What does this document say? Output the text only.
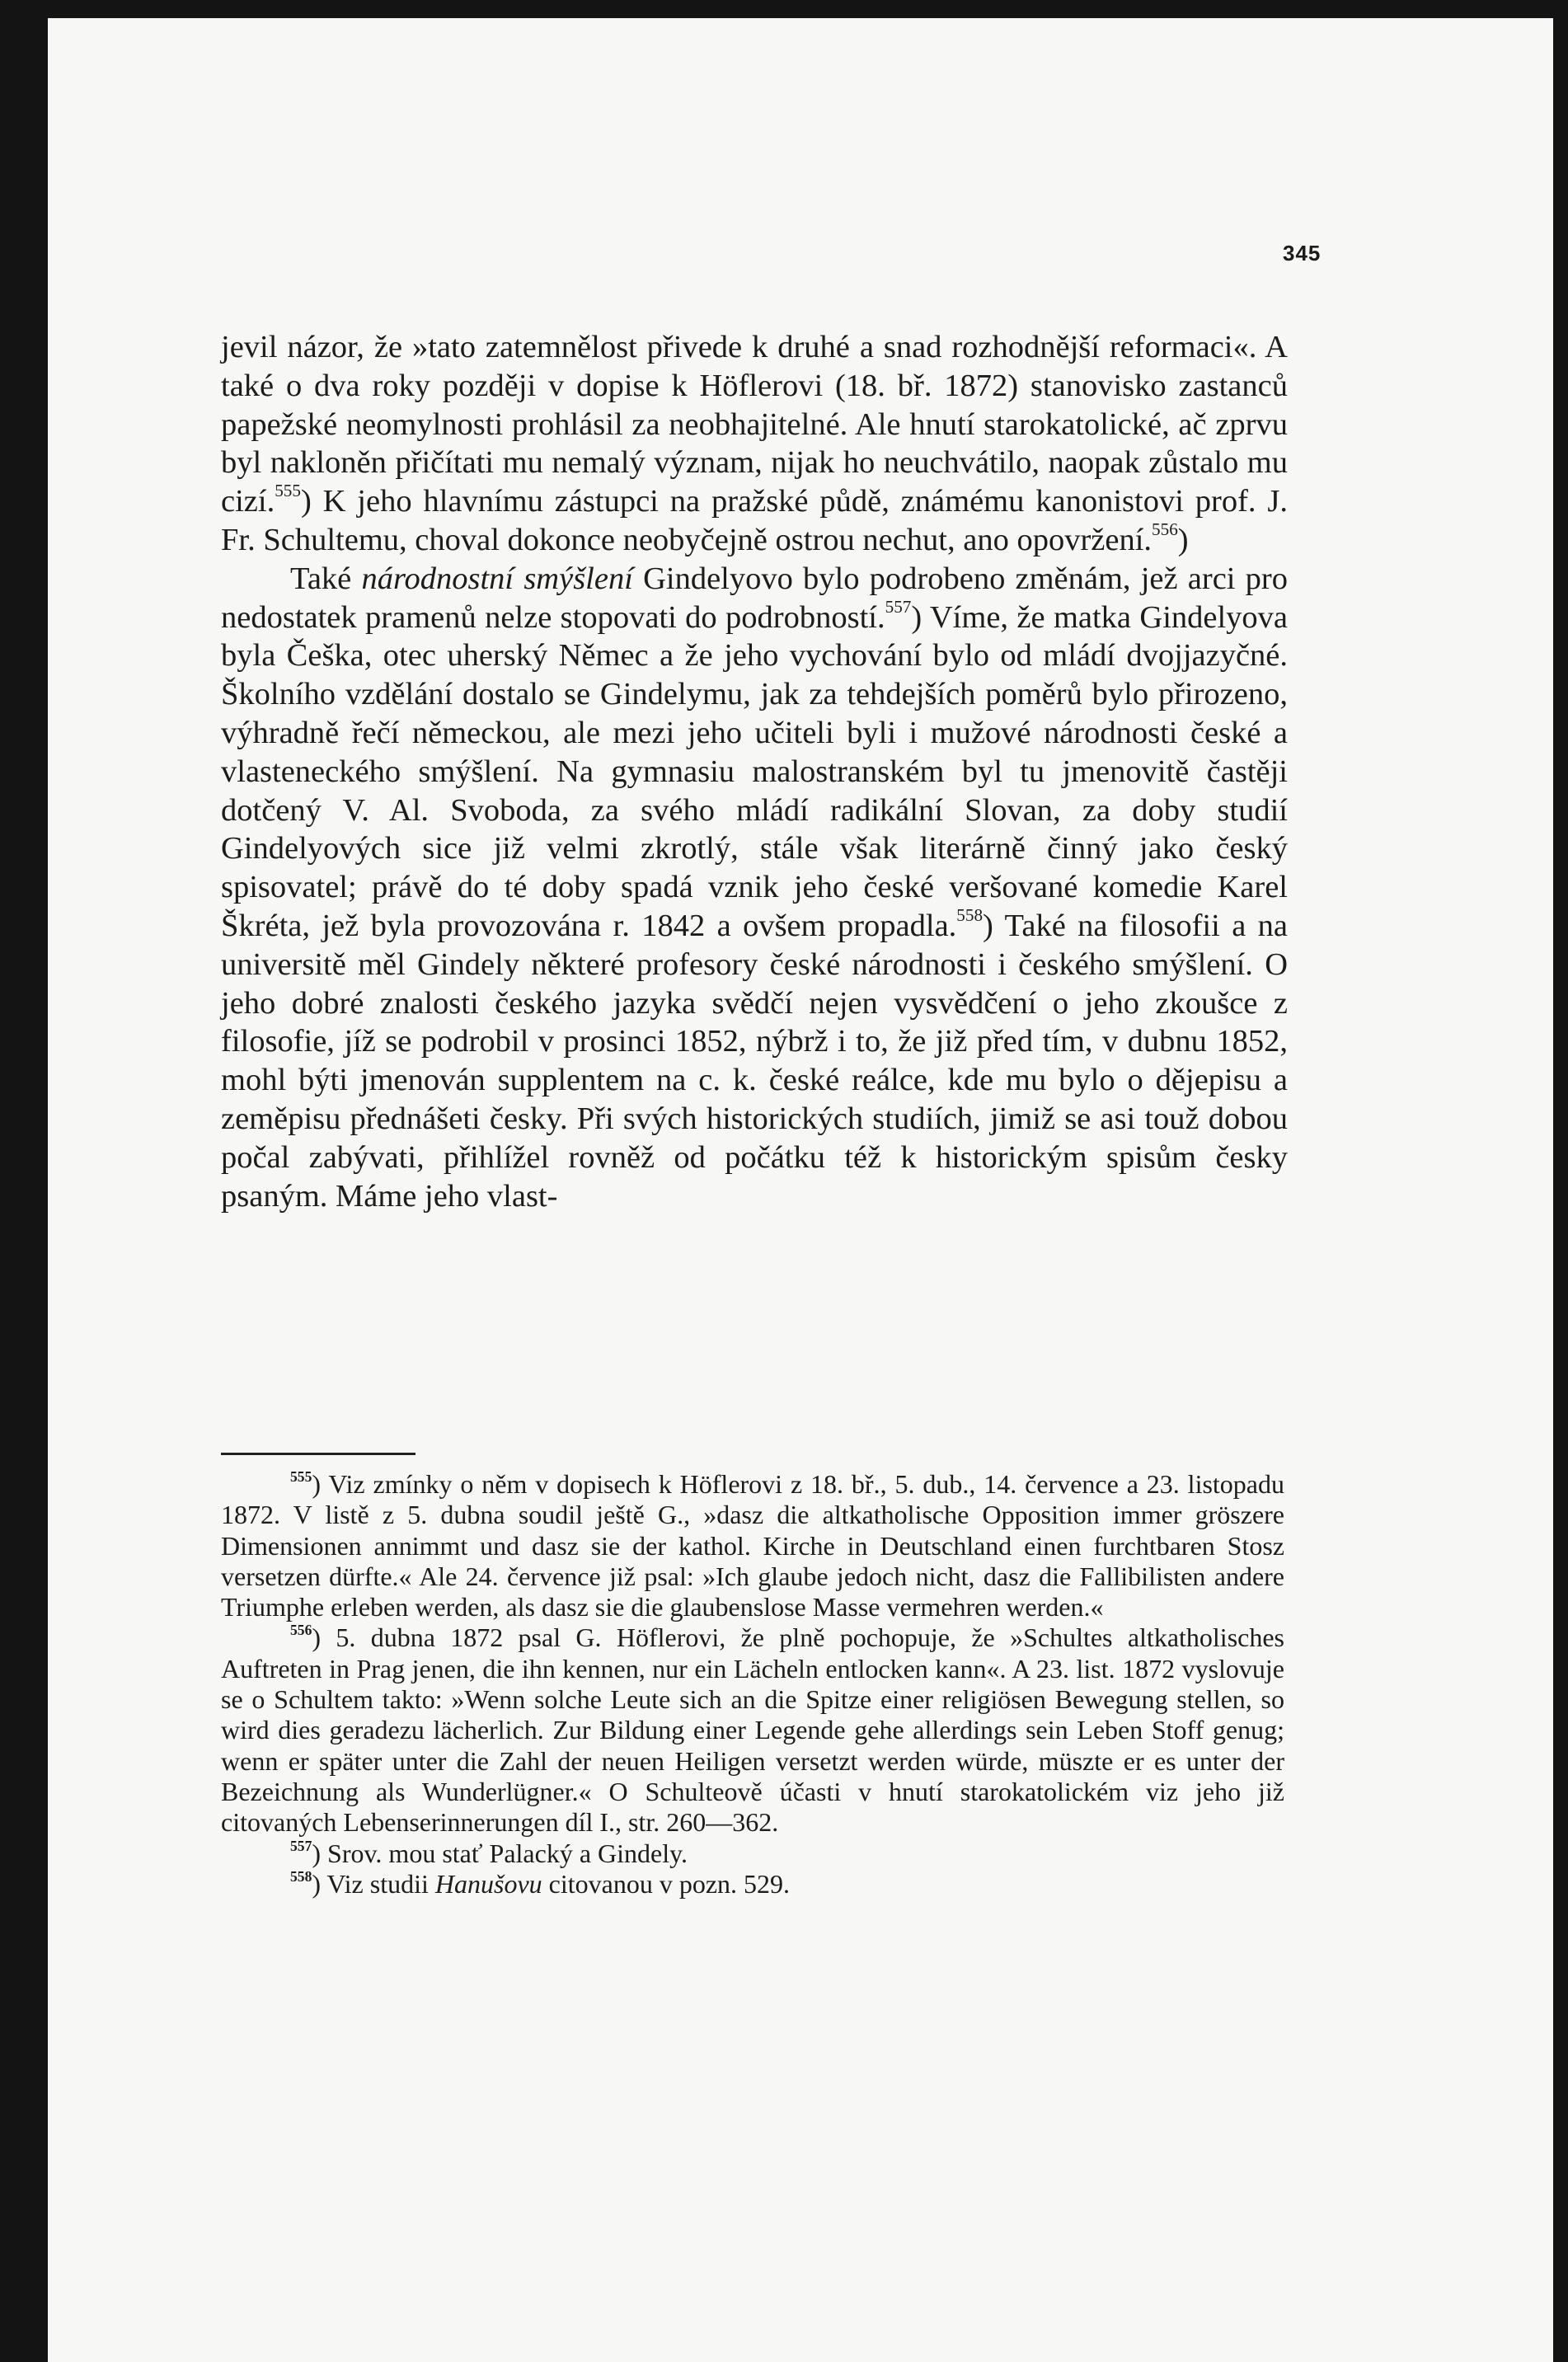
345

jevil názor, že »tato zatemnělost přivede k druhé a snad rozhodnější reformaci«. A také o dva roky později v dopise k Höflerovi (18. bř. 1872) stanovisko zastanců papežské neomylnosti prohlásil za neobhajitelné. Ale hnutí starokatolické, ač zprvu byl nakloněn přičítati mu nemalý význam, nijak ho neuchvátilo, naopak zůstalo mu cizí.$^{555}$) K jeho hlavnímu zástupci na pražské půdě, známému kanonistovi prof. J. Fr. Schultemu, choval dokonce neobyčejně ostrou nechut, ano opovržení.$^{556}$)

Také národnostní smýšlení Gindelyovo bylo podrobeno změnám, jež arci pro nedostatek pramenů nelze stopovati do podrobností.$^{557}$) Víme, že matka Gindelyova byla Češka, otec uherský Němec a že jeho vychování bylo od mládí dvojjazyčné. Školního vzdělání dostalo se Gindelymu, jak za tehdejších poměrů bylo přirozeno, výhradně řečí německou, ale mezi jeho učiteli byli i mužové národnosti české a vlasteneckého smýšlení. Na gymnasiu malostranském byl tu jmenovitě častěji dotčený V. Al. Svoboda, za svého mládí radikální Slovan, za doby studií Gindelyových sice již velmi zkrotlý, stále však literárně činný jako český spisovatel; právě do té doby spadá vznik jeho české veršované komedie Karel Škréta, jež byla provozována r. 1842 a ovšem propadla.$^{558}$) Také na filosofii a na universitě měl Gindely některé profesory české národnosti i českého smýšlení. O jeho dobré znalosti českého jazyka svědčí nejen vysvědčení o jeho zkoušce z filosofie, jíž se podrobil v prosinci 1852, nýbrž i to, že již před tím, v dubnu 1852, mohl býti jmenován supplentem na c. k. české reálce, kde mu bylo o dějepisu a zeměpisu přednášeti česky. Při svých historických studiích, jimiž se asi touž dobou počal zabývati, přihlížel rovněž od počátku též k historickým spisům česky psaným. Máme jeho vlast-

$^{555}$) Viz zmínky o něm v dopisech k Höflerovi z 18. bř., 5. dub., 14. července a 23. listopadu 1872. V listě z 5. dubna soudil ještě G., »dasz die altkatholische Opposition immer gröszere Dimensionen annimmt und dasz sie der kathol. Kirche in Deutschland einen furchtbaren Stosz versetzen dürfte.« Ale 24. července již psal: »Ich glaube jedoch nicht, dasz die Fallibilisten andere Triumphe erleben werden, als dasz sie die glaubenslose Masse vermehren werden.«

$^{556}$) 5. dubna 1872 psal G. Höflerovi, že plně pochopuje, že »Schultes altkatholisches Auftreten in Prag jenen, die ihn kennen, nur ein Lächeln entlocken kann«. A 23. list. 1872 vyslovuje se o Schultem takto: »Wenn solche Leute sich an die Spitze einer religiösen Bewegung stellen, so wird dies geradezu lächerlich. Zur Bildung einer Legende gehe allerdings sein Leben Stoff genug; wenn er später unter die Zahl der neuen Heiligen versetzt werden würde, müszte er es unter der Bezeichnung als Wunderlügner.« O Schulteově účasti v hnutí starokatolickém viz jeho již citovaných Lebenserinnerungen díl I., str. 260—362.

$^{557}$) Srov. mou stať Palacký a Gindely.

$^{558}$) Viz studii Hanušovu citovanou v pozn. 529.
